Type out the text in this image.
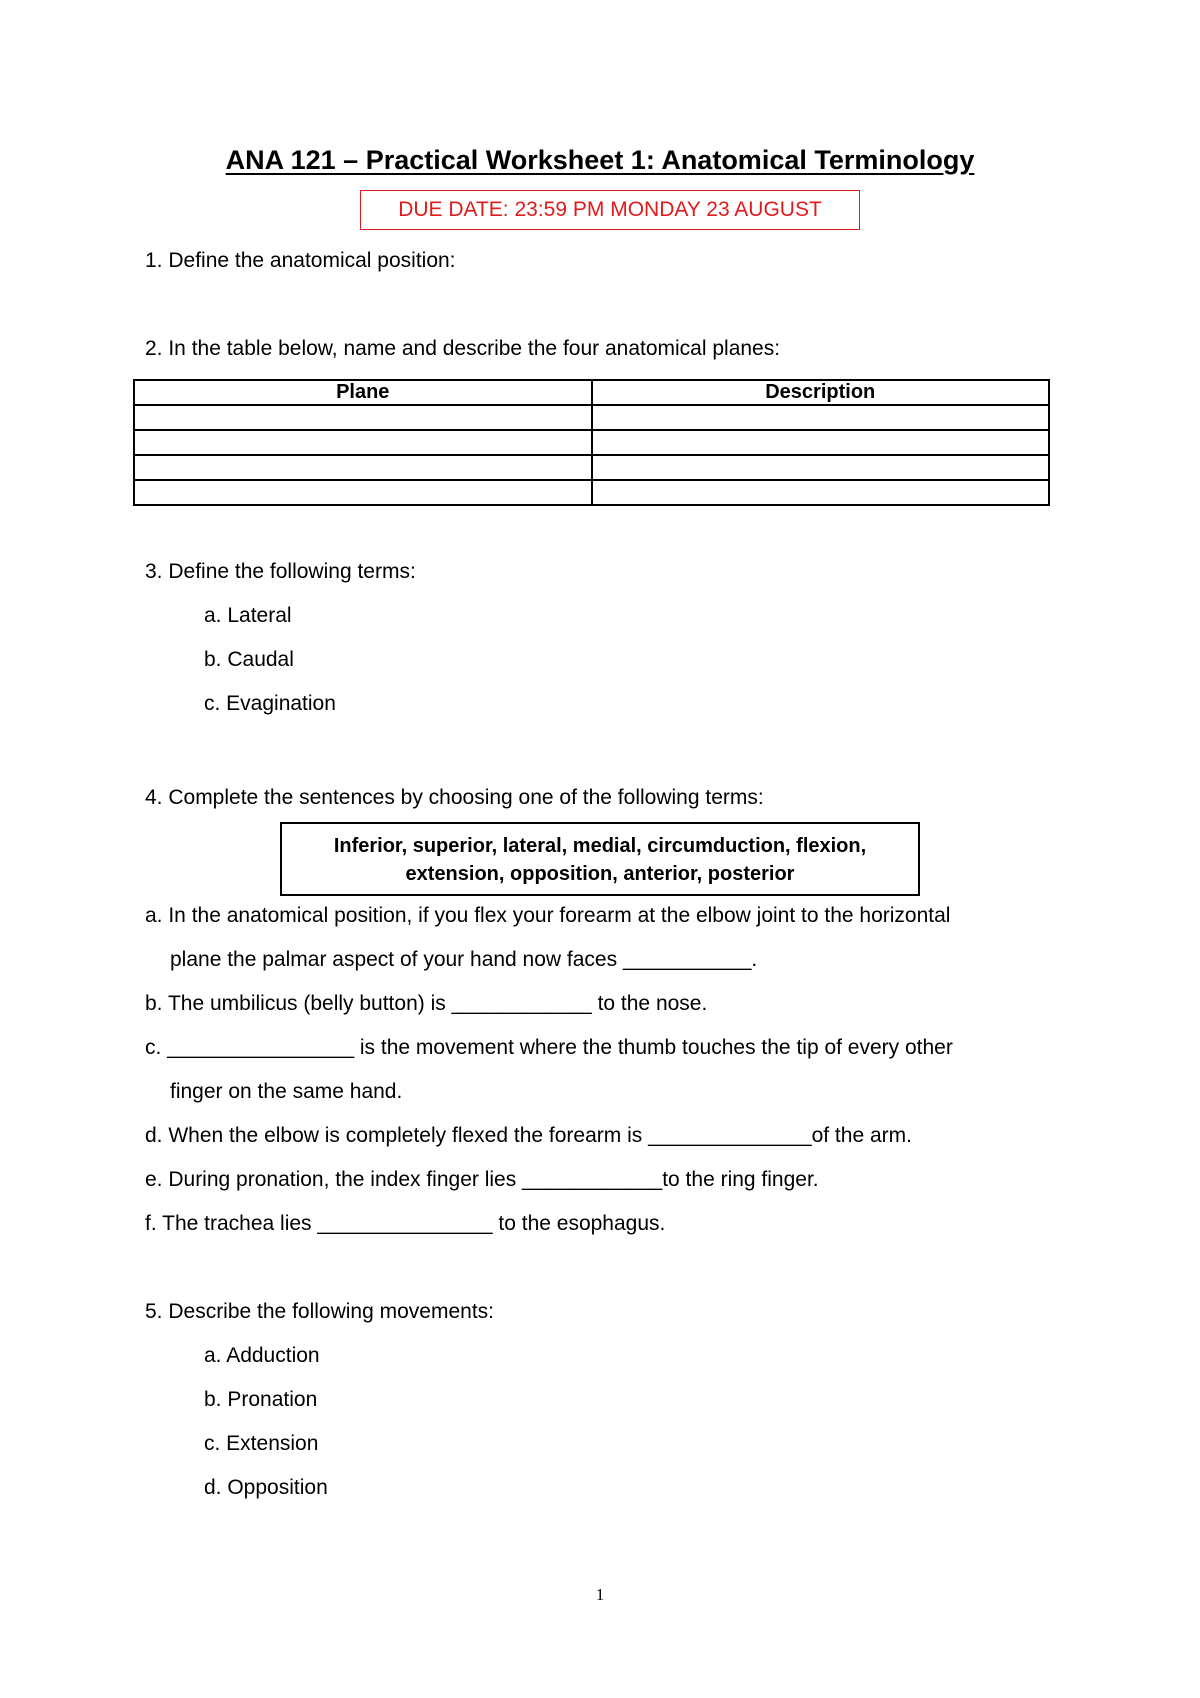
ANA 121 – Practical Worksheet 1: Anatomical Terminology
DUE DATE: 23:59 PM MONDAY 23 AUGUST
1. Define the anatomical position:
2. In the table below, name and describe the four anatomical planes:
Plane	Description

3. Define the following terms:
a. Lateral
b. Caudal
c. Evagination
4. Complete the sentences by choosing one of the following terms:
Inferior, superior, lateral, medial, circumduction, flexion,
extension, opposition, anterior, posterior
a. In the anatomical position, if you flex your forearm at the elbow joint to the horizontal
plane the palmar aspect of your hand now faces ___________.
b. The umbilicus (belly button) is ____________ to the nose.
c. ________________ is the movement where the thumb touches the tip of every other
finger on the same hand.
d. When the elbow is completely flexed the forearm is ______________of the arm.
e. During pronation, the index finger lies ____________to the ring finger.
f. The trachea lies _______________ to the esophagus.
5. Describe the following movements:
a. Adduction
b. Pronation
c. Extension
d. Opposition
1
